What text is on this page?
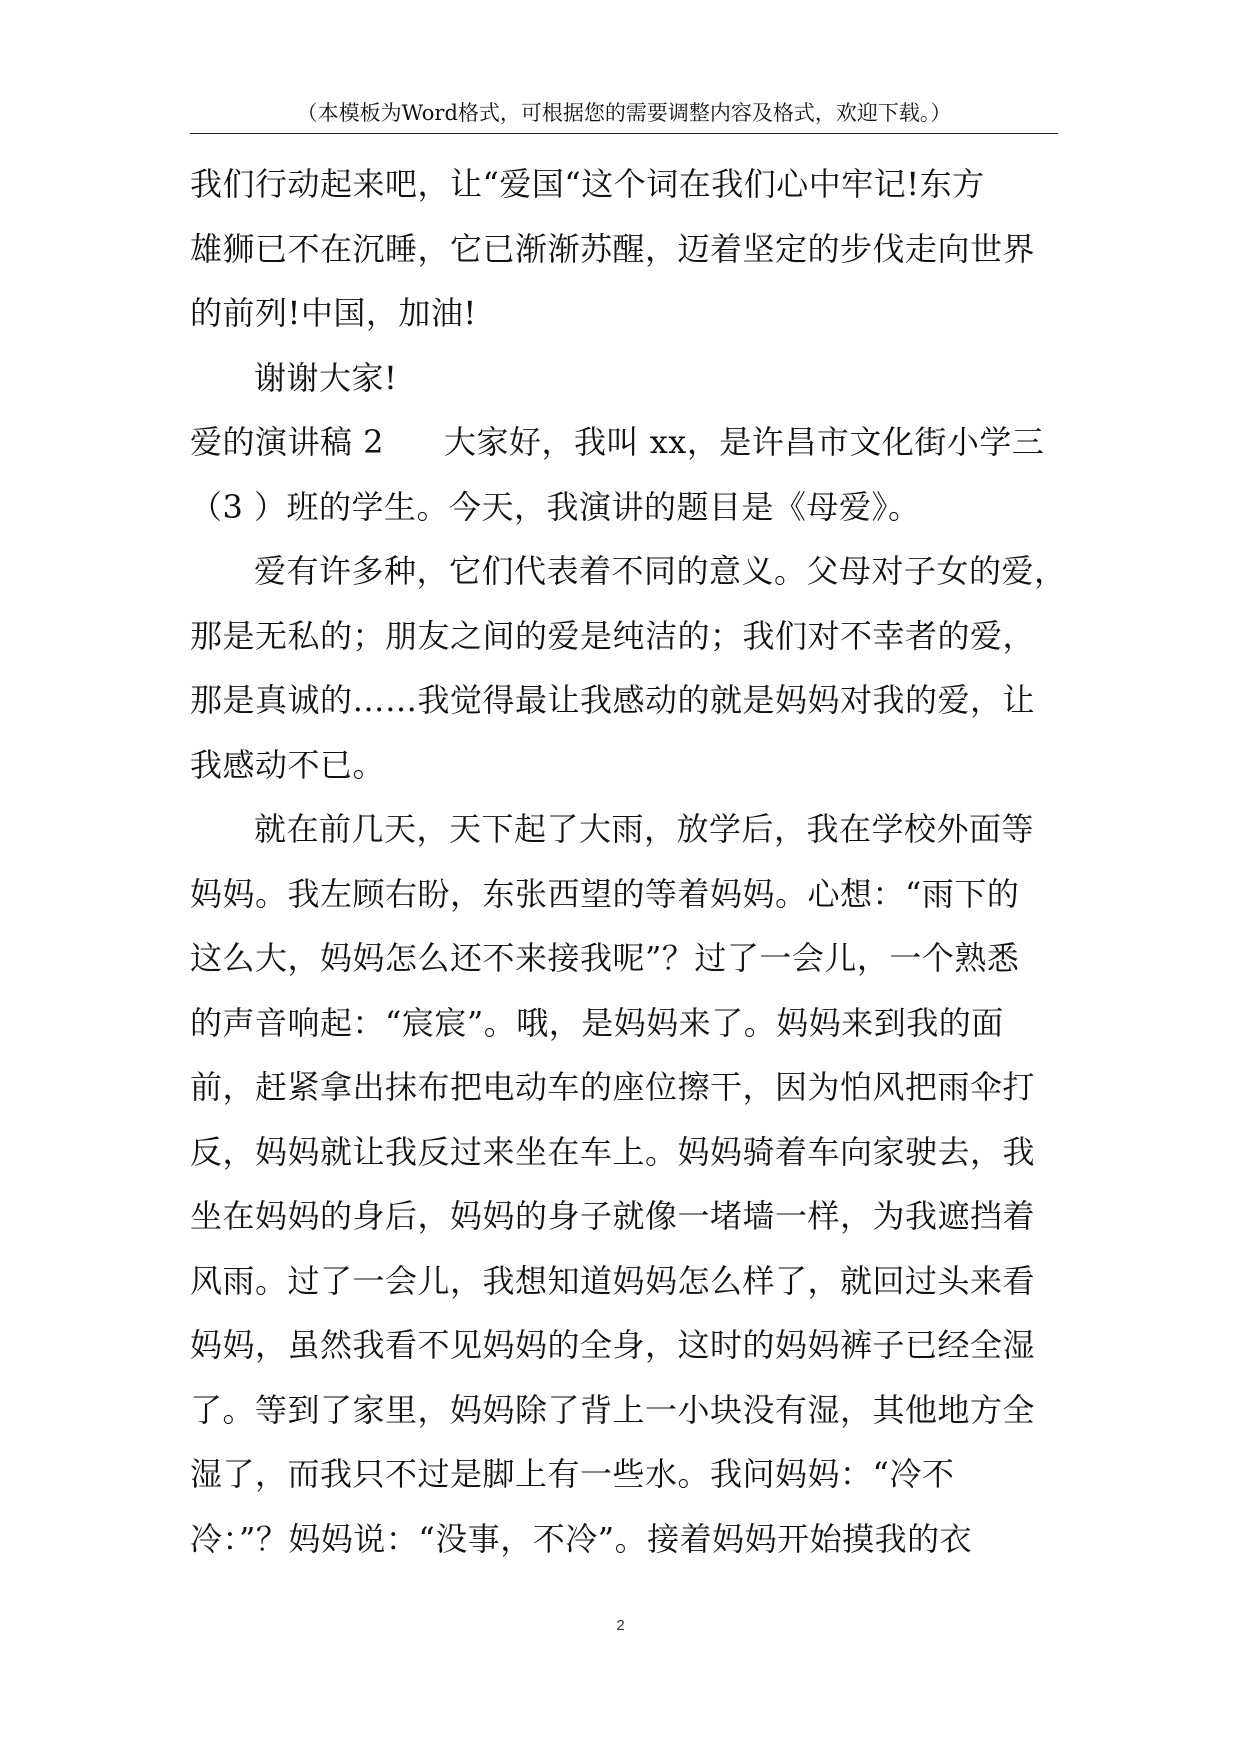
（本模板为Word格式，可根据您的需要调整内容及格式，欢迎下载。）
我们行动起来吧，让“爱国“这个词在我们心中牢记!东方
雄狮已不在沉睡，它已渐渐苏醒，迈着坚定的步伐走向世界
的前列!中国，加油!
谢谢大家!
爱的演讲稿 2 大家好，我叫 xx，是许昌市文化街小学三
（3 ）班的学生。今天，我演讲的题目是《母爱》。
爱有许多种，它们代表着不同的意义。父母对子女的爱，
那是无私的；朋友之间的爱是纯洁的；我们对不幸者的爱，
那是真诚的……我觉得最让我感动的就是妈妈对我的爱，让
我感动不已。
就在前几天，天下起了大雨，放学后，我在学校外面等
妈妈。我左顾右盼，东张西望的等着妈妈。心想：“雨下的
这么大，妈妈怎么还不来接我呢”？过了一会儿，一个熟悉
的声音响起：“宸宸”。哦，是妈妈来了。妈妈来到我的面
前，赶紧拿出抹布把电动车的座位擦干，因为怕风把雨伞打
反，妈妈就让我反过来坐在车上。妈妈骑着车向家驶去，我
坐在妈妈的身后，妈妈的身子就像一堵墙一样，为我遮挡着
风雨。过了一会儿，我想知道妈妈怎么样了，就回过头来看
妈妈，虽然我看不见妈妈的全身，这时的妈妈裤子已经全湿
了。等到了家里，妈妈除了背上一小块没有湿，其他地方全
湿了，而我只不过是脚上有一些水。我问妈妈：“冷不
冷：”？妈妈说：“没事，不冷”。接着妈妈开始摸我的衣
2
